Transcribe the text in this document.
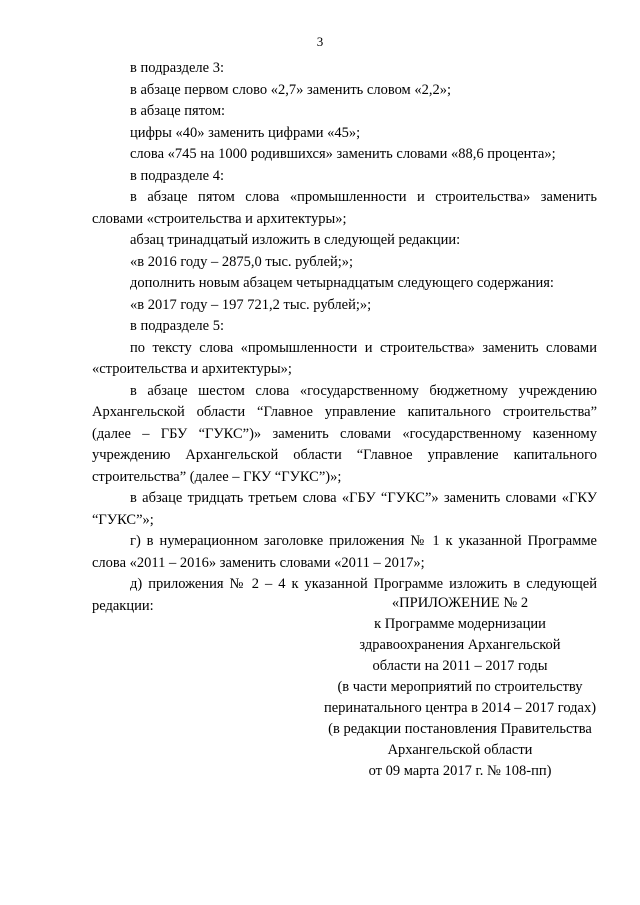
3

в подразделе 3:

в абзаце первом слово «2,7» заменить словом «2,2»;

в абзаце пятом:

цифры «40» заменить цифрами «45»;

слова «745 на 1000 родившихся» заменить словами «88,6 процента»;

в подразделе 4:

в абзаце пятом слова «промышленности и строительства» заменить словами «строительства и архитектуры»;

абзац тринадцатый изложить в следующей редакции:

«в 2016 году – 2875,0 тыс. рублей;»;

дополнить новым абзацем четырнадцатым следующего содержания:

«в 2017 году – 197 721,2 тыс. рублей;»;

в подразделе 5:

по тексту слова «промышленности и строительства» заменить словами «строительства и архитектуры»;

в абзаце шестом слова «государственному бюджетному учреждению Архангельской области “Главное управление капитального строительства” (далее – ГБУ “ГУКС”)» заменить словами «государственному казенному учреждению Архангельской области “Главное управление капитального строительства” (далее – ГКУ “ГУКС”)»;

в абзаце тридцать третьем слова «ГБУ “ГУКС”» заменить словами «ГКУ “ГУКС”»;

г) в нумерационном заголовке приложения № 1 к указанной Программе слова «2011 – 2016» заменить словами «2011 – 2017»;

д) приложения № 2 – 4 к указанной Программе изложить в следующей редакции:	«ПРИЛОЖЕНИЕ № 2
к Программе модернизации
здравоохранения Архангельской
области на 2011 – 2017 годы
(в части мероприятий по строительству
перинатального центра в 2014 – 2017 годах)
(в редакции постановления Правительства
Архангельской области
от 09 марта 2017 г. № 108-пп)
